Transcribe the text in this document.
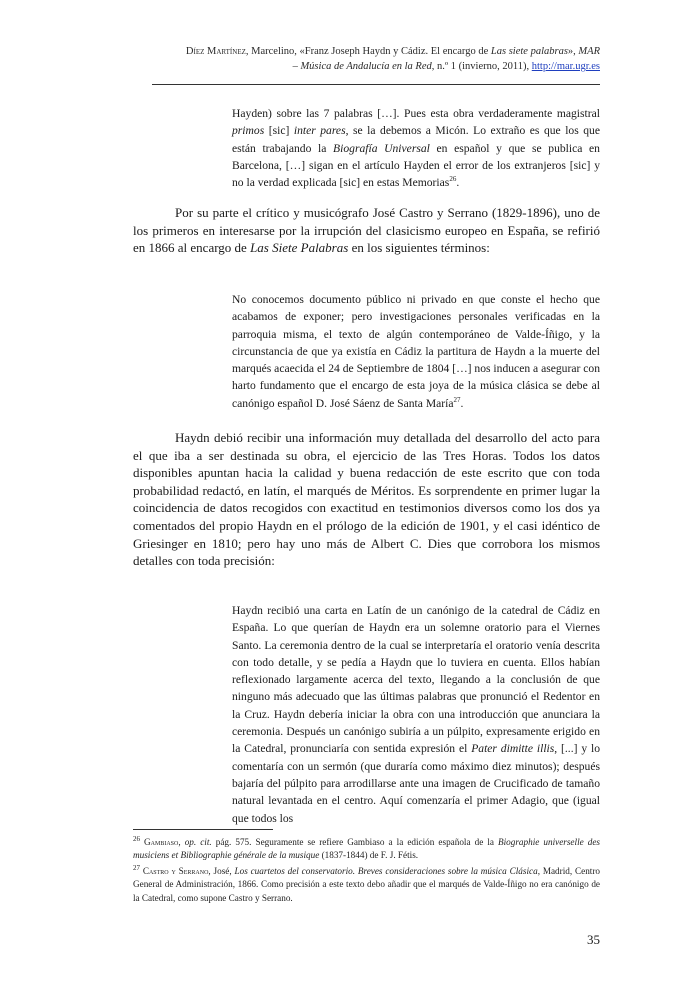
Díez Martínez, Marcelino, «Franz Joseph Haydn y Cádiz. El encargo de Las siete palabras», MAR
– Música de Andalucía en la Red, n.º 1 (invierno, 2011), http://mar.ugr.es

Hayden) sobre las 7 palabras […]. Pues esta obra verdaderamente magistral primos [sic] inter pares, se la debemos a Micón. Lo extraño es que los que están trabajando la Biografía Universal en español y que se publica en Barcelona, […] sigan en el artículo Hayden el error de los extranjeros [sic] y no la verdad explicada [sic] en estas Memorias$^{26}$.

Por su parte el crítico y musicógrafo José Castro y Serrano (1829-1896), uno de los primeros en interesarse por la irrupción del clasicismo europeo en España, se refirió en 1866 al encargo de Las Siete Palabras en los siguientes términos:

No conocemos documento público ni privado en que conste el hecho que acabamos de exponer; pero investigaciones personales verificadas en la parroquia misma, el texto de algún contemporáneo de Valde-Íñigo, y la circunstancia de que ya existía en Cádiz la partitura de Haydn a la muerte del marqués acaecida el 24 de Septiembre de 1804 […] nos inducen a asegurar con harto fundamento que el encargo de esta joya de la música clásica se debe al canónigo español D. José Sáenz de Santa María$^{27}$.

Haydn debió recibir una información muy detallada del desarrollo del acto para el que iba a ser destinada su obra, el ejercicio de las Tres Horas. Todos los datos disponibles apuntan hacia la calidad y buena redacción de este escrito que con toda probabilidad redactó, en latín, el marqués de Méritos. Es sorprendente en primer lugar la coincidencia de datos recogidos con exactitud en testimonios diversos como los dos ya comentados del propio Haydn en el prólogo de la edición de 1901, y el casi idéntico de Griesinger en 1810; pero hay uno más de Albert C. Dies que corrobora los mismos detalles con toda precisión:

Haydn recibió una carta en Latín de un canónigo de la catedral de Cádiz en España. Lo que querían de Haydn era un solemne oratorio para el Viernes Santo. La ceremonia dentro de la cual se interpretaría el oratorio venía descrita con todo detalle, y se pedía a Haydn que lo tuviera en cuenta. Ellos habían reflexionado largamente acerca del texto, llegando a la conclusión de que ninguno más adecuado que las últimas palabras que pronunció el Redentor en la Cruz. Haydn debería iniciar la obra con una introducción que anunciara la ceremonia. Después un canónigo subiría a un púlpito, expresamente erigido en la Catedral, pronunciaría con sentida expresión el Pater dimitte illis, [...] y lo comentaría con un sermón (que duraría como máximo diez minutos); después bajaría del púlpito para arrodillarse ante una imagen de Crucificado de tamaño natural levantada en el centro. Aquí comenzaría el primer Adagio, que (igual que todos los

$^{26}$ Gambiaso, op. cit. pág. 575. Seguramente se refiere Gambiaso a la edición española de la Biographie universelle des musiciens et Bibliographie générale de la musique (1837-1844) de F. J. Fétis.

$^{27}$ Castro y Serrano, José, Los cuartetos del conservatorio. Breves consideraciones sobre la música Clásica, Madrid, Centro General de Administración, 1866. Como precisión a este texto debo añadir que el marqués de Valde-Íñigo no era canónigo de la Catedral, como supone Castro y Serrano.

35
